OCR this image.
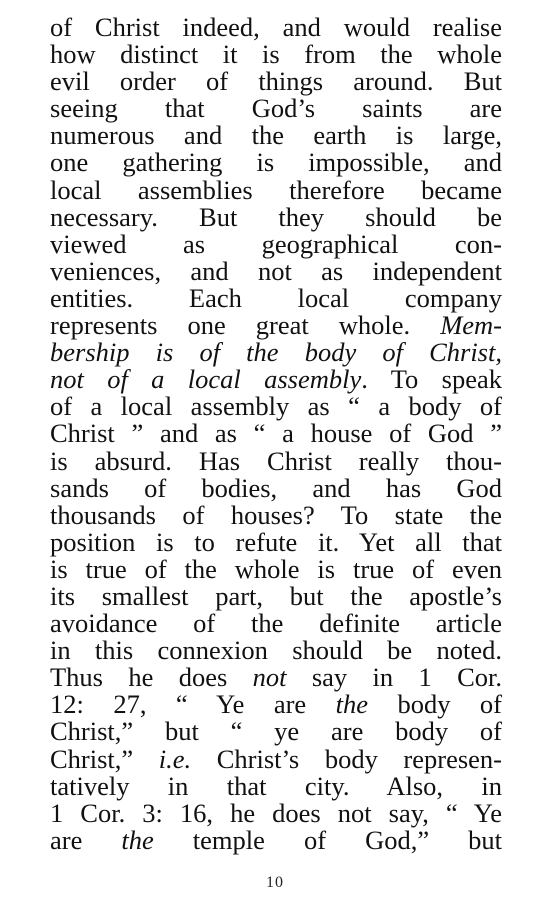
of Christ indeed, and would realise
how distinct it is from the whole
evil order of things around. But
seeing that God’s saints are
numerous and the earth is large,
one gathering is impossible, and
local assemblies therefore became
necessary. But they should be
viewed as geographical con-
veniences, and not as independent
entities. Each local company
represents one great whole. Mem-
bership is of the body of Christ,
not of a local assembly. To speak
of a local assembly as “ a body of
Christ ” and as “ a house of God ”
is absurd. Has Christ really thou-
sands of bodies, and has God
thousands of houses? To state the
position is to refute it. Yet all that
is true of the whole is true of even
its smallest part, but the apostle’s
avoidance of the definite article
in this connexion should be noted.
Thus he does not say in 1 Cor.
12: 27, “ Ye are the body of
Christ,” but “ ye are body of
Christ,” i.e. Christ’s body represen-
tatively in that city. Also, in
1 Cor. 3: 16, he does not say, “ Ye
are the temple of God,” but
10
